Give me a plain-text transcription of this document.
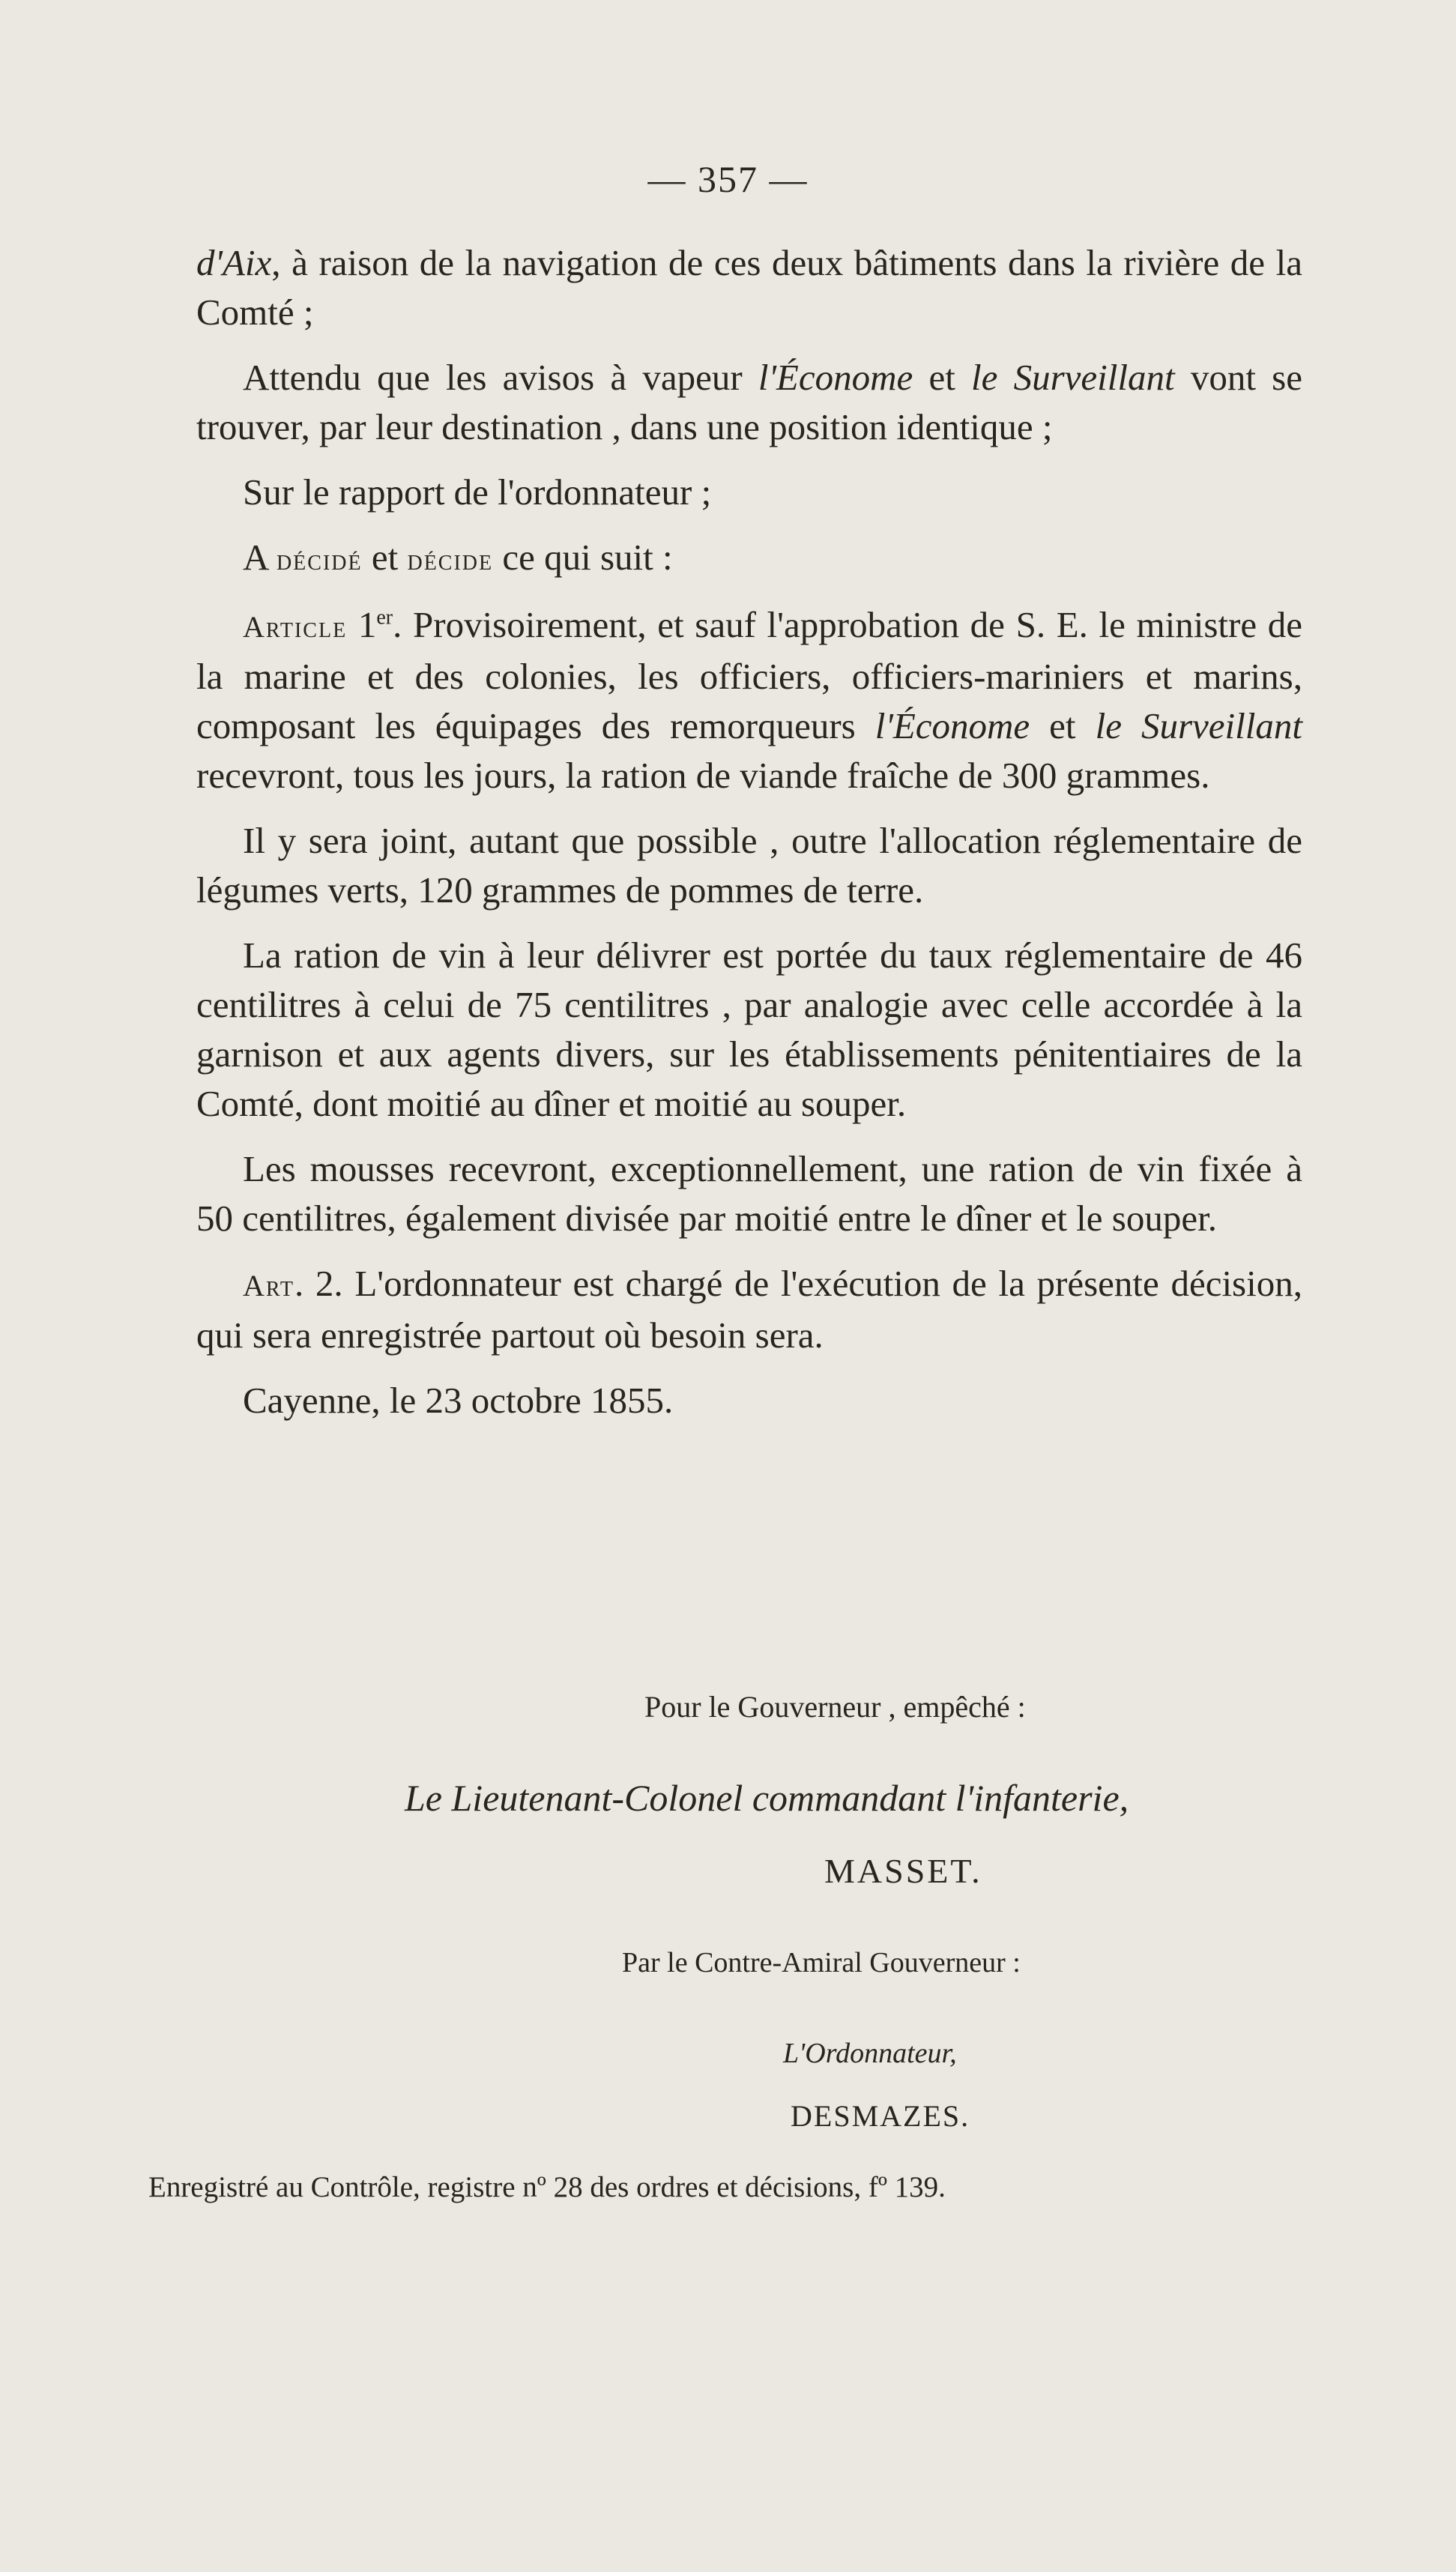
— 357 —

d'Aix, à raison de la navigation de ces deux bâtiments dans la rivière de la Comté ;

Attendu que les avisos à vapeur l'Économe et le Surveillant vont se trouver, par leur destination , dans une position identique ;

Sur le rapport de l'ordonnateur ;

A décidé et décide ce qui suit :

Article 1er. Provisoirement, et sauf l'approbation de S. E. le ministre de la marine et des colonies, les officiers, officiers-mariniers et marins, composant les équipages des remorqueurs l'Économe et le Surveillant recevront, tous les jours, la ration de viande fraîche de 300 grammes.

Il y sera joint, autant que possible , outre l'allocation réglementaire de légumes verts, 120 grammes de pommes de terre.

La ration de vin à leur délivrer est portée du taux réglementaire de 46 centilitres à celui de 75 centilitres , par analogie avec celle accordée à la garnison et aux agents divers, sur les établissements pénitentiaires de la Comté, dont moitié au dîner et moitié au souper.

Les mousses recevront, exceptionnellement, une ration de vin fixée à 50 centilitres, également divisée par moitié entre le dîner et le souper.

Art. 2. L'ordonnateur est chargé de l'exécution de la présente décision, qui sera enregistrée partout où besoin sera.

Cayenne, le 23 octobre 1855.

Pour le Gouverneur , empêché :
Le Lieutenant-Colonel commandant l'infanterie,
MASSET.
Par le Contre-Amiral Gouverneur :
L'Ordonnateur,
DESMAZES.
Enregistré au Contrôle, registre nº 28 des ordres et décisions, fº 139.
